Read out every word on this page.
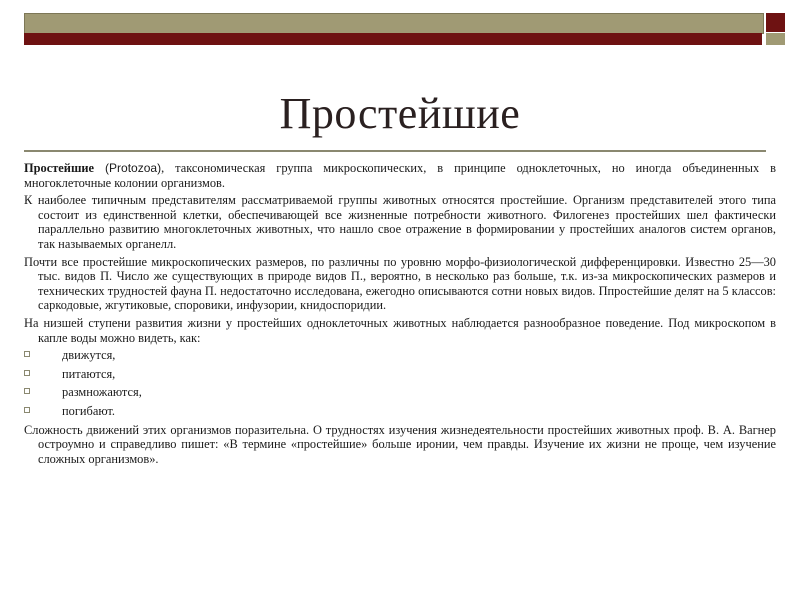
Простейшие

Простейшие (Protozoa), таксономическая группа микроскопических, в принципе одноклеточных, но иногда объединенных в многоклеточные колонии организмов.

К наиболее типичным представителям рассматриваемой группы животных относятся простейшие. Организм представителей этого типа состоит из единственной клетки, обеспечивающей все жизненные потребности животного. Филогенез простейших шел фактически параллельно развитию многоклеточных животных, что нашло свое отражение в формировании у простейших аналогов систем органов, так называемых органелл.

Почти все простейшие микроскопических размеров, по различны по уровню морфо-физиологической дифференцировки. Известно 25—30 тыс. видов П. Число же существующих в природе видов П., вероятно, в несколько раз больше, т.к. из-за микроскопических размеров и технических трудностей фауна П. недостаточно исследована, ежегодно описываются сотни новых видов. Ппростейшие делят на 5 классов: саркодовые, жгутиковые, споровики, инфузории, книдоспоридии.

На низшей ступени развития жизни у простейших одноклеточных животных наблюдается разнообразное поведение. Под микроскопом в капле воды можно видеть, как:

движутся,
питаются,
размножаются,
погибают.

Сложность движений этих организмов поразительна. О трудностях изучения жизнедеятельности простейших животных проф. В. А. Вагнер остроумно и справедливо пишет: «В термине «простейшие» больше иронии, чем правды. Изучение их жизни не проще, чем изучение сложных организмов».
